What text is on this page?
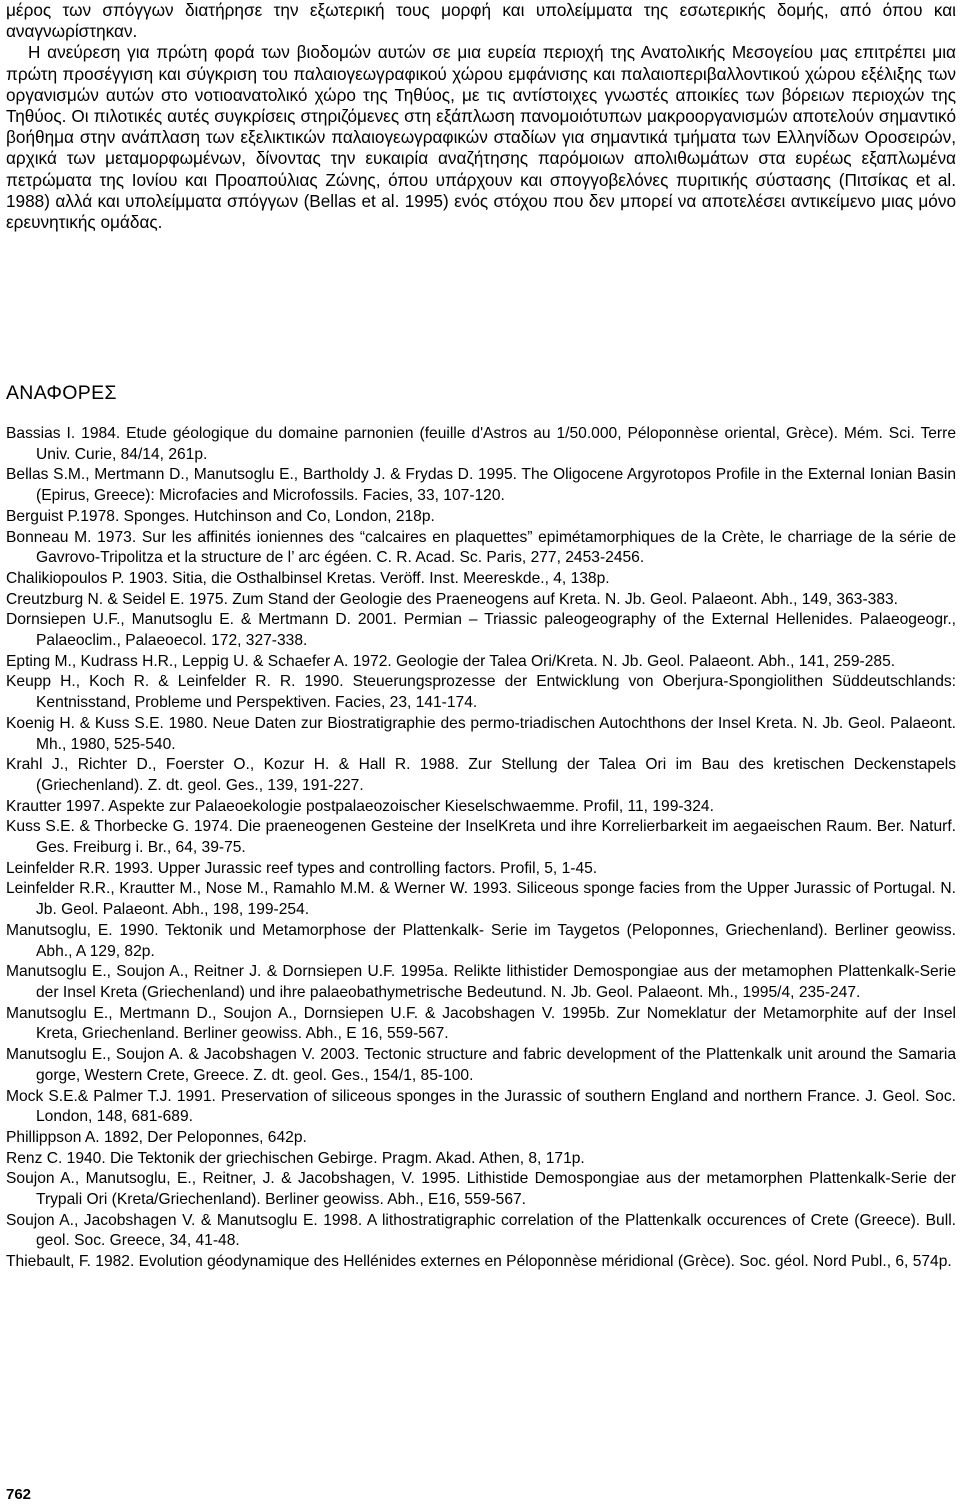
μέρος των σπόγγων διατήρησε την εξωτερική τους μορφή και υπολείμματα της εσωτερικής δομής, από όπου και αναγνωρίστηκαν.

Η ανεύρεση για πρώτη φορά των βιοδομών αυτών σε μια ευρεία περιοχή της Ανατολικής Μεσογείου μας επιτρέπει μια πρώτη προσέγγιση και σύγκριση του παλαιογεωγραφικού χώρου εμφάνισης και παλαιοπεριβαλλοντικού χώρου εξέλιξης των οργανισμών αυτών στο νοτιοανατολικό χώρο της Τηθύος, με τις αντίστοιχες γνωστές αποικίες των βόρειων περιοχών της Τηθύος. Οι πιλοτικές αυτές συγκρίσεις στηριζόμενες στη εξάπλωση πανομοιότυπων μακροοργανισμών αποτελούν σημαντικό βοήθημα στην ανάπλαση των εξελικτικών παλαιογεωγραφικών σταδίων για σημαντικά τμήματα των Ελληνίδων Οροσειρών, αρχικά των μεταμορφωμένων, δίνοντας την ευκαιρία αναζήτησης παρόμοιων απολιθωμάτων στα ευρέως εξαπλωμένα πετρώματα της Ιονίου και Προαπούλιας Ζώνης, όπου υπάρχουν και σπογγοβελόνες πυριτικής σύστασης (Πιτσίκας et al. 1988) αλλά και υπολείμματα σπόγγων (Bellas et al. 1995) ενός στόχου που δεν μπορεί να αποτελέσει αντικείμενο μιας μόνο ερευνητικής ομάδας.

ΑΝΑΦΟΡΕΣ
Bassias I. 1984. Etude géologique du domaine parnonien (feuille d'Astros au 1/50.000, Péloponnèse oriental, Grèce). Mém. Sci. Terre Univ. Curie, 84/14, 261p.
Bellas S.M., Mertmann D., Manutsoglu E., Bartholdy J. & Frydas D. 1995. The Oligocene Argyrotopos Profile in the External Ionian Basin (Epirus, Greece): Microfacies and Microfossils. Facies, 33, 107-120.
Berguist P.1978. Sponges. Hutchinson and Co, London, 218p.
Bonneau M. 1973. Sur les affinités ioniennes des “calcaires en plaquettes” epimétamorphiques de la Crète, le charriage de la série de Gavrovo-Tripolitza et la structure de l’ arc égéen. C. R. Acad. Sc. Paris, 277, 2453-2456.
Chalikiopoulos P. 1903. Sitia, die Osthalbinsel Kretas. Veröff. Inst. Meereskde., 4, 138p.
Creutzburg N. & Seidel E. 1975. Zum Stand der Geologie des Praeneogens auf Kreta. N. Jb. Geol. Palaeont. Abh., 149, 363-383.
Dornsiepen U.F., Manutsoglu E. & Mertmann D. 2001. Permian – Triassic paleogeography of the External Hellenides. Palaeogeogr., Palaeoclim., Palaeoecol. 172, 327-338.
Epting M., Kudrass H.R., Leppig U. & Schaefer A. 1972. Geologie der Talea Ori/Kreta. N. Jb. Geol. Palaeont. Abh., 141, 259-285.
Keupp H., Koch R. & Leinfelder R. R. 1990. Steuerungsprozesse der Entwicklung von Oberjura-Spongiolithen Süddeutschlands: Kentnisstand, Probleme und Perspektiven. Facies, 23, 141-174.
Koenig H. & Kuss S.E. 1980. Neue Daten zur Biostratigraphie des permo-triadischen Autochthons der Insel Kreta. N. Jb. Geol. Palaeont. Mh., 1980, 525-540.
Krahl J., Richter D., Foerster O., Kozur H. & Hall R. 1988. Zur Stellung der Talea Ori im Bau des kretischen Deckenstapels (Griechenland). Z. dt. geol. Ges., 139, 191-227.
Krautter 1997. Aspekte zur Palaeoekologie postpalaeozoischer Kieselschwaemme. Profil, 11, 199-324.
Kuss S.E. & Thorbecke G. 1974. Die praeneogenen Gesteine der InselKreta und ihre Korrelierbarkeit im aegaeischen Raum. Ber. Naturf. Ges. Freiburg i. Br., 64, 39-75.
Leinfelder R.R. 1993. Upper Jurassic reef types and controlling factors. Profil, 5, 1-45.
Leinfelder R.R., Krautter M., Nose M., Ramahlo M.M. & Werner W. 1993. Siliceous sponge facies from the Upper Jurassic of Portugal. N. Jb. Geol. Palaeont. Abh., 198, 199-254.
Manutsoglu, E. 1990. Tektonik und Metamorphose der Plattenkalk- Serie im Taygetos (Peloponnes, Griechenland). Berliner geowiss. Abh., A 129, 82p.
Manutsoglu E., Soujon A., Reitner J. & Dornsiepen U.F. 1995a. Relikte lithistider Demospongiae aus der metamophen Plattenkalk-Serie der Insel Kreta (Griechenland) und ihre palaeobathymetrische Bedeutund. N. Jb. Geol. Palaeont. Mh., 1995/4, 235-247.
Manutsoglu E., Mertmann D., Soujon A., Dornsiepen U.F. & Jacobshagen V. 1995b. Zur Nomeklatur der Metamorphite auf der Insel Kreta, Griechenland. Berliner geowiss. Abh., E 16, 559-567.
Manutsoglu E., Soujon A. & Jacobshagen V. 2003. Tectonic structure and fabric development of the Plattenkalk unit around the Samaria gorge, Western Crete, Greece. Z. dt. geol. Ges., 154/1, 85-100.
Mock S.E.& Palmer T.J. 1991. Preservation of siliceous sponges in the Jurassic of southern England and northern France. J. Geol. Soc. London, 148, 681-689.
Phillippson A. 1892, Der Peloponnes, 642p.
Renz C. 1940. Die Tektonik der griechischen Gebirge. Pragm. Akad. Athen, 8, 171p.
Soujon A., Manutsoglu, E., Reitner, J. & Jacobshagen, V. 1995. Lithistide Demospongiae aus der metamorphen Plattenkalk-Serie der Trypali Ori (Kreta/Griechenland). Berliner geowiss. Abh., E16, 559-567.
Soujon A., Jacobshagen V. & Manutsoglu E. 1998. A lithostratigraphic correlation of the Plattenkalk occurences of Crete (Greece). Bull. geol. Soc. Greece, 34, 41-48.
Thiebault, F. 1982. Evolution géodynamique des Hellénides externes en Péloponnèse méridional (Grèce). Soc. géol. Nord Publ., 6, 574p.
762
